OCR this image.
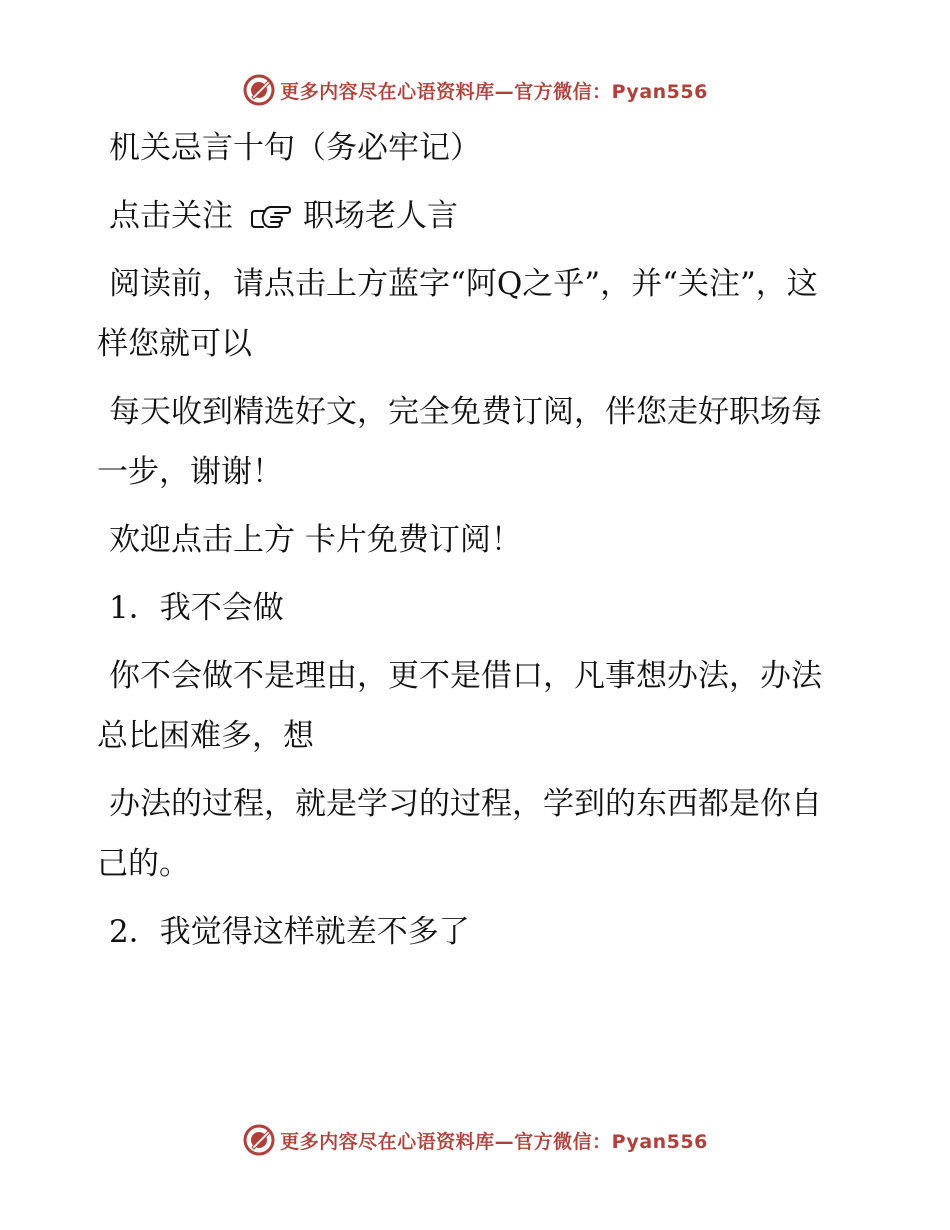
更多内容尽在心语资料库—官方微信：Pyan556

机关忌言十句（务必牢记）

点击关注 职场老人言

阅读前，请点击上方蓝字“阿Q之乎”，并“关注”，这样您就可以

每天收到精选好文，完全免费订阅，伴您走好职场每一步，谢谢！

欢迎点击上方 卡片免费订阅！

1．我不会做

你不会做不是理由，更不是借口，凡事想办法，办法总比困难多，想

办法的过程，就是学习的过程，学到的东西都是你自己的。

2．我觉得这样就差不多了

更多内容尽在心语资料库—官方微信：Pyan556
